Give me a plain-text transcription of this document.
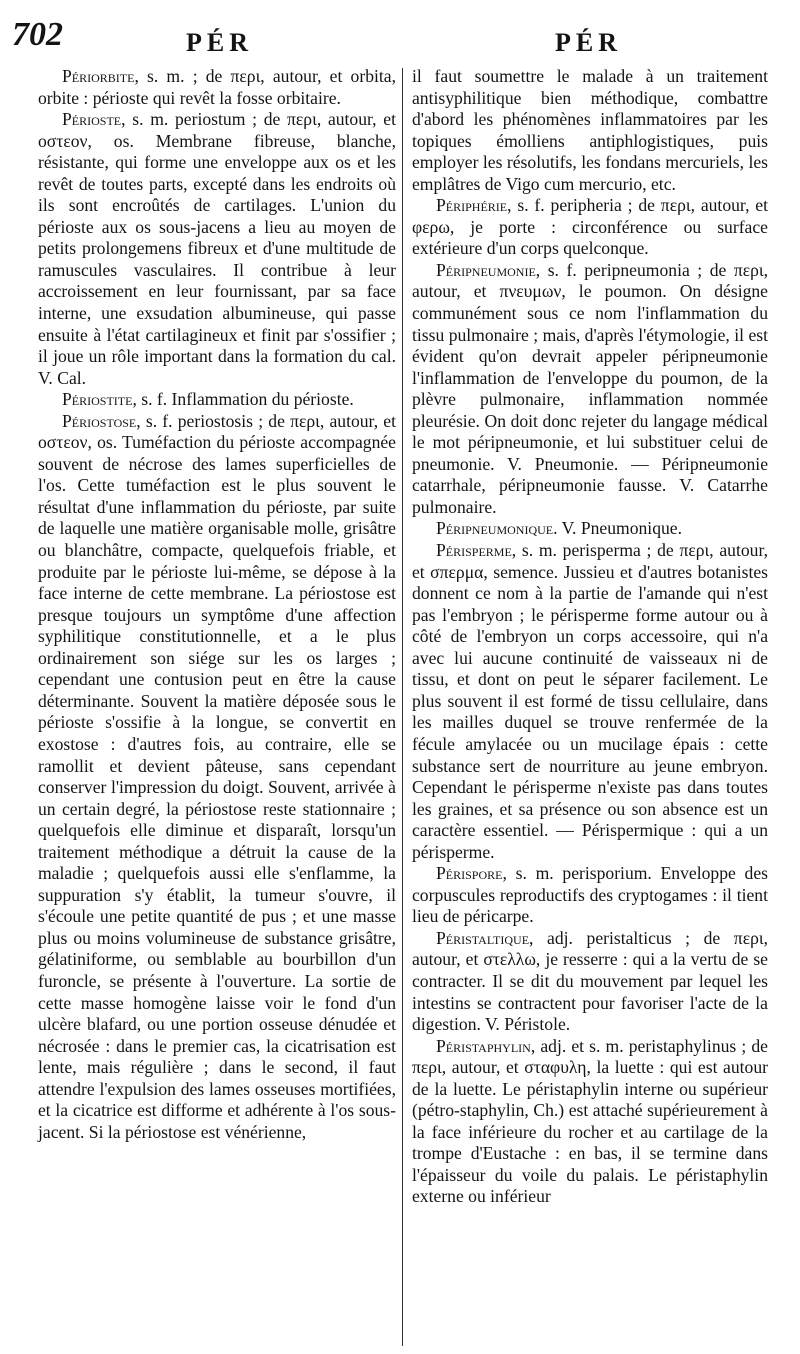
702	PÉR	PÉR

Périorbite, s. m. ; de περι, autour, et orbita, orbite : périoste qui revêt la fosse orbitaire.

Périoste, s. m. periostum ; de περι, autour, et οστεον, os. Membrane fibreuse, blanche, résistante, qui forme une enveloppe aux os et les revêt de toutes parts, excepté dans les endroits où ils sont encroûtés de cartilages. L'union du périoste aux os sous-jacens a lieu au moyen de petits prolongemens fibreux et d'une multitude de ramuscules vasculaires. Il contribue à leur accroissement en leur fournissant, par sa face interne, une exsudation albumineuse, qui passe ensuite à l'état cartilagineux et finit par s'ossifier ; il joue un rôle important dans la formation du cal. V. Cal.

Périostite, s. f. Inflammation du périoste.

Périostose, s. f. periostosis ; de περι, autour, et οστεον, os. Tuméfaction du périoste accompagnée souvent de nécrose des lames superficielles de l'os. Cette tuméfaction est le plus souvent le résultat d'une inflammation du périoste, par suite de laquelle une matière organisable molle, grisâtre ou blanchâtre, compacte, quelquefois friable, et produite par le périoste lui-même, se dépose à la face interne de cette membrane. La périostose est presque toujours un symptôme d'une affection syphilitique constitutionnelle, et a le plus ordinairement son siége sur les os larges ; cependant une contusion peut en être la cause déterminante. Souvent la matière déposée sous le périoste s'ossifie à la longue, se convertit en exostose : d'autres fois, au contraire, elle se ramollit et devient pâteuse, sans cependant conserver l'impression du doigt. Souvent, arrivée à un certain degré, la périostose reste stationnaire ; quelquefois elle diminue et disparaît, lorsqu'un traitement méthodique a détruit la cause de la maladie ; quelquefois aussi elle s'enflamme, la suppuration s'y établit, la tumeur s'ouvre, il s'écoule une petite quantité de pus ; et une masse plus ou moins volumineuse de substance grisâtre, gélatiniforme, ou semblable au bourbillon d'un furoncle, se présente à l'ouverture. La sortie de cette masse homogène laisse voir le fond d'un ulcère blafard, ou une portion osseuse dénudée et nécrosée : dans le premier cas, la cicatrisation est lente, mais régulière ; dans le second, il faut attendre l'expulsion des lames osseuses mortifiées, et la cicatrice est difforme et adhérente à l'os sous-jacent. Si la périostose est vénérienne,

il faut soumettre le malade à un traitement antisyphilitique bien méthodique, combattre d'abord les phénomènes inflammatoires par les topiques émolliens antiphlogistiques, puis employer les résolutifs, les fondans mercuriels, les emplâtres de Vigo cum mercurio, etc.

Périphérie, s. f. peripheria ; de περι, autour, et φερω, je porte : circonférence ou surface extérieure d'un corps quelconque.

Péripneumonie, s. f. peripneumonia ; de περι, autour, et πνευμων, le poumon. On désigne communément sous ce nom l'inflammation du tissu pulmonaire ; mais, d'après l'étymologie, il est évident qu'on devrait appeler péripneumonie l'inflammation de l'enveloppe du poumon, de la plèvre pulmonaire, inflammation nommée pleurésie. On doit donc rejeter du langage médical le mot péripneumonie, et lui substituer celui de pneumonie. V. Pneumonie. — Péripneumonie catarrhale, péripneumonie fausse. V. Catarrhe pulmonaire.

Péripneumonique. V. Pneumonique.

Périsperme, s. m. perisperma ; de περι, autour, et σπερμα, semence. Jussieu et d'autres botanistes donnent ce nom à la partie de l'amande qui n'est pas l'embryon ; le périsperme forme autour ou à côté de l'embryon un corps accessoire, qui n'a avec lui aucune continuité de vaisseaux ni de tissu, et dont on peut le séparer facilement. Le plus souvent il est formé de tissu cellulaire, dans les mailles duquel se trouve renfermée de la fécule amylacée ou un mucilage épais : cette substance sert de nourriture au jeune embryon. Cependant le périsperme n'existe pas dans toutes les graines, et sa présence ou son absence est un caractère essentiel. — Périspermique : qui a un périsperme.

Périspore, s. m. perisporium. Enveloppe des corpuscules reproductifs des cryptogames : il tient lieu de péricarpe.

Péristaltique, adj. peristalticus ; de περι, autour, et στελλω, je resserre : qui a la vertu de se contracter. Il se dit du mouvement par lequel les intestins se contractent pour favoriser l'acte de la digestion. V. Péristole.

Péristaphylin, adj. et s. m. peristaphylinus ; de περι, autour, et σταφυλη, la luette : qui est autour de la luette. Le péristaphylin interne ou supérieur (pétro-staphylin, Ch.) est attaché supérieurement à la face inférieure du rocher et au cartilage de la trompe d'Eustache : en bas, il se termine dans l'épaisseur du voile du palais. Le péristaphylin externe ou inférieur
